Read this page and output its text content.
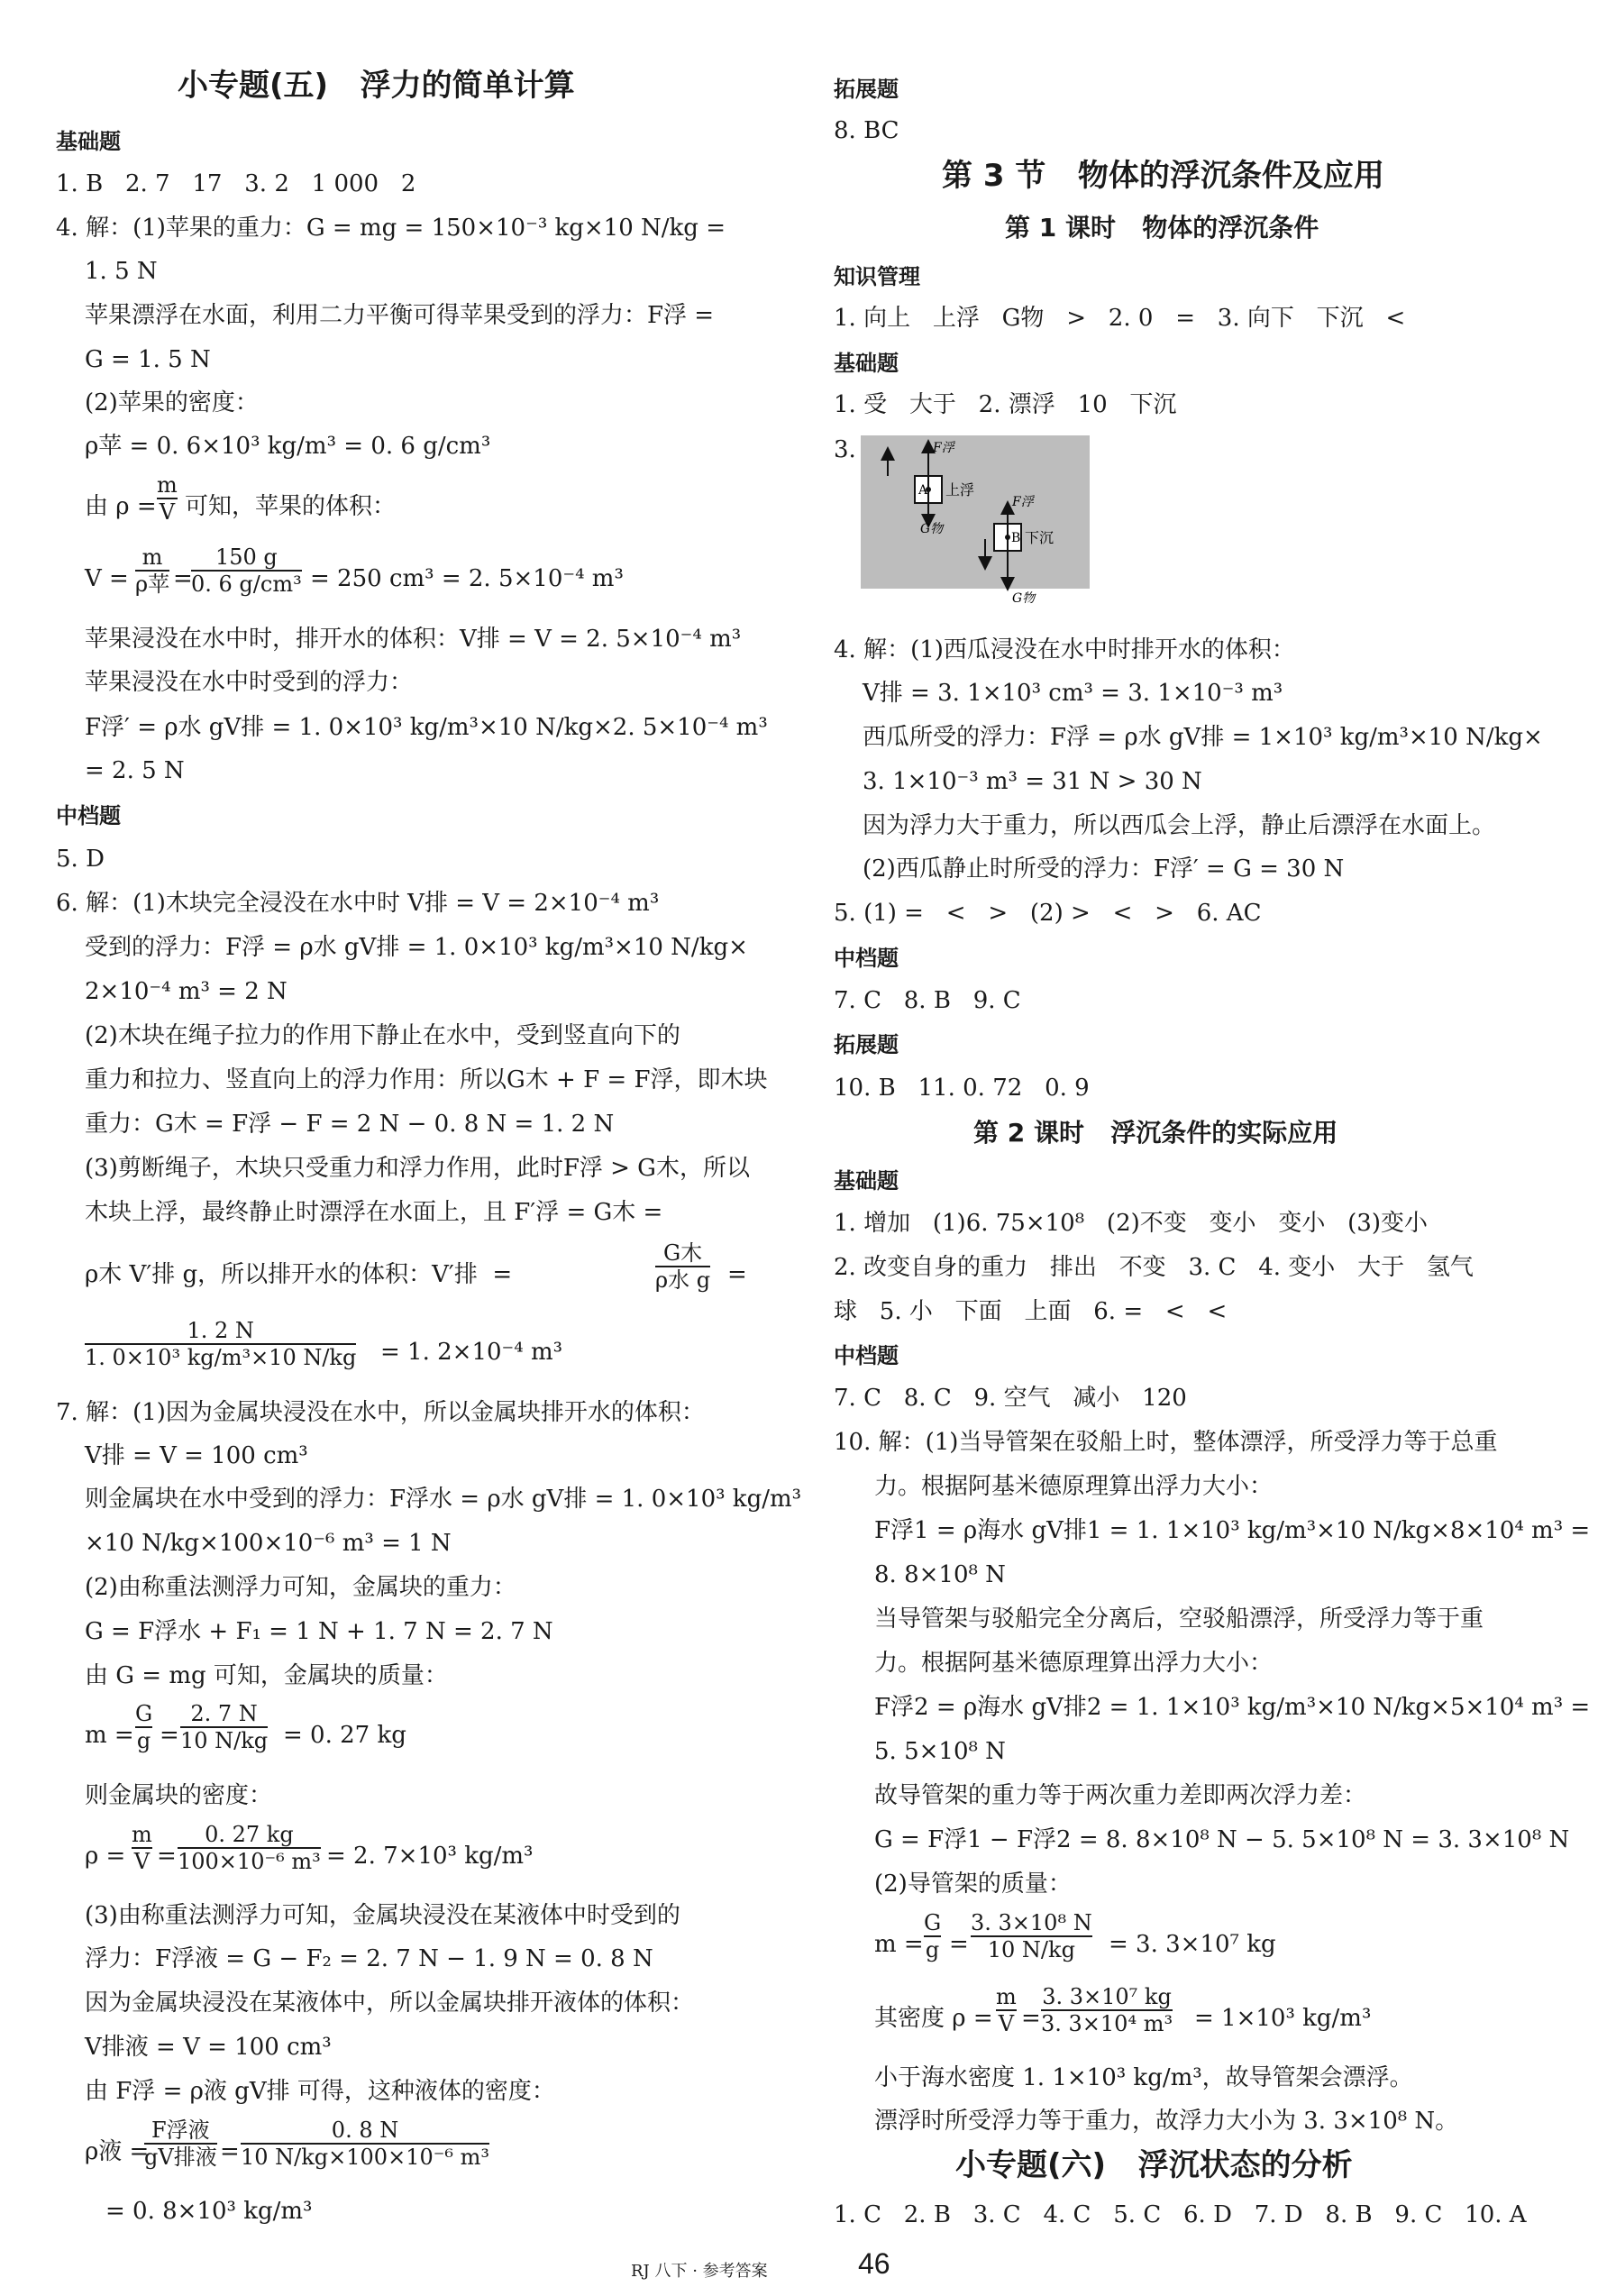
小专题(五)   浮力的简单计算
基础题
1. B   2. 7   17   3. 2   1 000   2
4. 解：(1)苹果的重力：G = mg = 150×10⁻³ kg×10 N/kg =
1. 5 N
苹果漂浮在水面，利用二力平衡可得苹果受到的浮力：F浮 =
G = 1. 5 N
(2)苹果的密度：
ρ苹 = 0. 6×10³ kg/m³ = 0. 6 g/cm³
由 ρ =
m
V 可知，苹果的体积：
V =
m
ρ苹 =
150 g
0. 6 g/cm³ = 250 cm³ = 2. 5×10⁻⁴ m³
苹果浸没在水中时，排开水的体积：V排 = V = 2. 5×10⁻⁴ m³
苹果浸没在水中时受到的浮力：
F浮′ = ρ水 gV排 = 1. 0×10³ kg/m³×10 N/kg×2. 5×10⁻⁴ m³
= 2. 5 N
中档题
5. D
6. 解：(1)木块完全浸没在水中时 V排 = V = 2×10⁻⁴ m³
受到的浮力：F浮 = ρ水 gV排 = 1. 0×10³ kg/m³×10 N/kg×
2×10⁻⁴ m³ = 2 N
(2)木块在绳子拉力的作用下静止在水中，受到竖直向下的
重力和拉力、竖直向上的浮力作用：所以G木 + F = F浮，即木块
重力：G木 = F浮 − F = 2 N − 0. 8 N = 1. 2 N
(3)剪断绳子，木块只受重力和浮力作用，此时F浮 > G木，所以
木块上浮，最终静止时漂浮在水面上，且 F′浮 = G木 =
ρ木 V′排 g，所以排开水的体积：V′排  =
G木
ρ水 g =
1. 2 N
1. 0×10³ kg/m³×10 N/kg = 1. 2×10⁻⁴ m³
7. 解：(1)因为金属块浸没在水中，所以金属块排开水的体积：
V排 = V = 100 cm³
则金属块在水中受到的浮力：F浮水 = ρ水 gV排 = 1. 0×10³ kg/m³
×10 N/kg×100×10⁻⁶ m³ = 1 N
(2)由称重法测浮力可知，金属块的重力：
G = F浮水 + F₁ = 1 N + 1. 7 N = 2. 7 N
由 G = mg 可知，金属块的质量：
m =
G
g =
2. 7 N
10 N/kg = 0. 27 kg
则金属块的密度：
ρ =
m
V =
0. 27 kg
100×10⁻⁶ m³ = 2. 7×10³ kg/m³
(3)由称重法测浮力可知，金属块浸没在某液体中时受到的
浮力：F浮液 = G − F₂ = 2. 7 N − 1. 9 N = 0. 8 N
因为金属块浸没在某液体中，所以金属块排开液体的体积：
V排液 = V = 100 cm³
由 F浮 = ρ液 gV排 可得，这种液体的密度：
ρ液 =
F浮液
gV排液 =
0. 8 N
10 N/kg×100×10⁻⁶ m³
= 0. 8×10³ kg/m³
拓展题
8. BC
第 3 节   物体的浮沉条件及应用
第 1 课时   物体的浮沉条件
知识管理
1. 向上   上浮   G物   >   2. 0   =   3. 向下   下沉   <
基础题
1. 受   大于   2. 漂浮   10   下沉
3.	F浮
A 上浮
G物
F浮
B 下沉
G物
4. 解：(1)西瓜浸没在水中时排开水的体积：
V排 = 3. 1×10³ cm³ = 3. 1×10⁻³ m³
西瓜所受的浮力：F浮 = ρ水 gV排 = 1×10³ kg/m³×10 N/kg×
3. 1×10⁻³ m³ = 31 N > 30 N
因为浮力大于重力，所以西瓜会上浮，静止后漂浮在水面上。
(2)西瓜静止时所受的浮力：F浮′ = G = 30 N
5. (1) =   <   >   (2) >   <   >   6. AC
中档题
7. C   8. B   9. C
拓展题
10. B   11. 0. 72   0. 9
第 2 课时   浮沉条件的实际应用
基础题
1. 增加   (1)6. 75×10⁸   (2)不变   变小   变小   (3)变小
2. 改变自身的重力   排出   不变   3. C   4. 变小   大于   氢气
球   5. 小   下面   上面   6. =   <   <
中档题
7. C   8. C   9. 空气   减小   120
10. 解：(1)当导管架在驳船上时，整体漂浮，所受浮力等于总重
力。根据阿基米德原理算出浮力大小：
F浮1 = ρ海水 gV排1 = 1. 1×10³ kg/m³×10 N/kg×8×10⁴ m³ =
8. 8×10⁸ N
当导管架与驳船完全分离后，空驳船漂浮，所受浮力等于重
力。根据阿基米德原理算出浮力大小：
F浮2 = ρ海水 gV排2 = 1. 1×10³ kg/m³×10 N/kg×5×10⁴ m³ =
5. 5×10⁸ N
故导管架的重力等于两次重力差即两次浮力差：
G = F浮1 − F浮2 = 8. 8×10⁸ N − 5. 5×10⁸ N = 3. 3×10⁸ N
(2)导管架的质量：
m =
G
g =
3. 3×10⁸ N
10 N/kg = 3. 3×10⁷ kg
其密度 ρ =
m
V =
3. 3×10⁷ kg
3. 3×10⁴ m³ = 1×10³ kg/m³
小于海水密度 1. 1×10³ kg/m³，故导管架会漂浮。
漂浮时所受浮力等于重力，故浮力大小为 3. 3×10⁸ N。
小专题(六)   浮沉状态的分析
1. C   2. B   3. C   4. C   5. C   6. D   7. D   8. B   9. C   10. A
RJ 八下 · 参考答案	46
